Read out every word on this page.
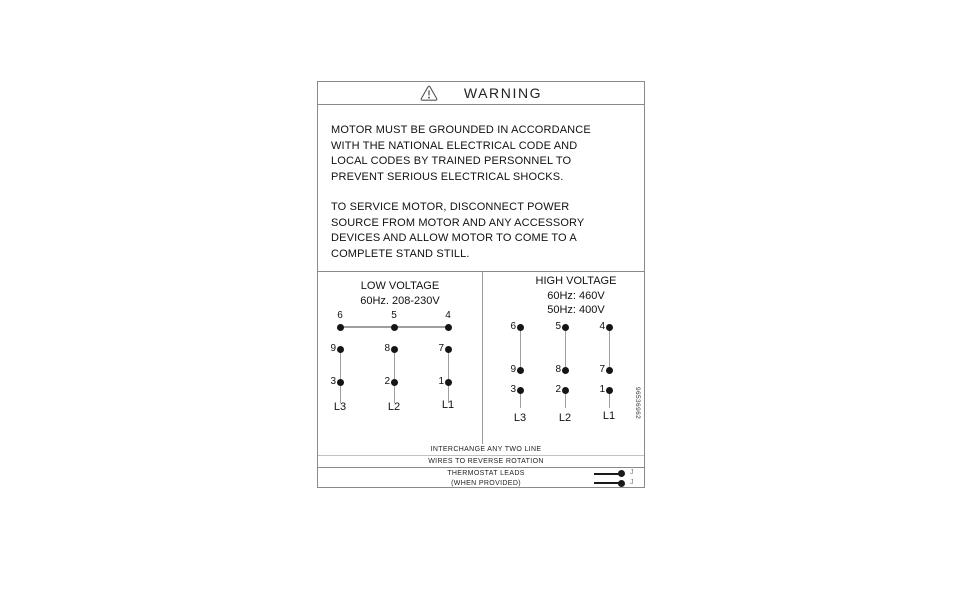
WARNING
MOTOR MUST BE GROUNDED IN ACCORDANCE
WITH THE NATIONAL ELECTRICAL CODE AND
LOCAL CODES BY TRAINED PERSONNEL TO
PREVENT SERIOUS ELECTRICAL SHOCKS.
TO SERVICE MOTOR, DISCONNECT POWER
SOURCE FROM MOTOR AND ANY ACCESSORY
DEVICES AND ALLOW MOTOR TO COME TO A
COMPLETE STAND STILL.
LOW VOLTAGE
60Hz. 208-230V
6	5	4
9	8	7
3	2	1
L3	L2	L1
HIGH VOLTAGE
60Hz: 460V
50Hz: 400V
6	5	4
9	8	7
3	2	1
L3	L2	L1	96536962
INTERCHANGE ANY TWO LINE
WIRES TO REVERSE ROTATION
THERMOSTAT LEADS	J
(WHEN PROVIDED)	J
